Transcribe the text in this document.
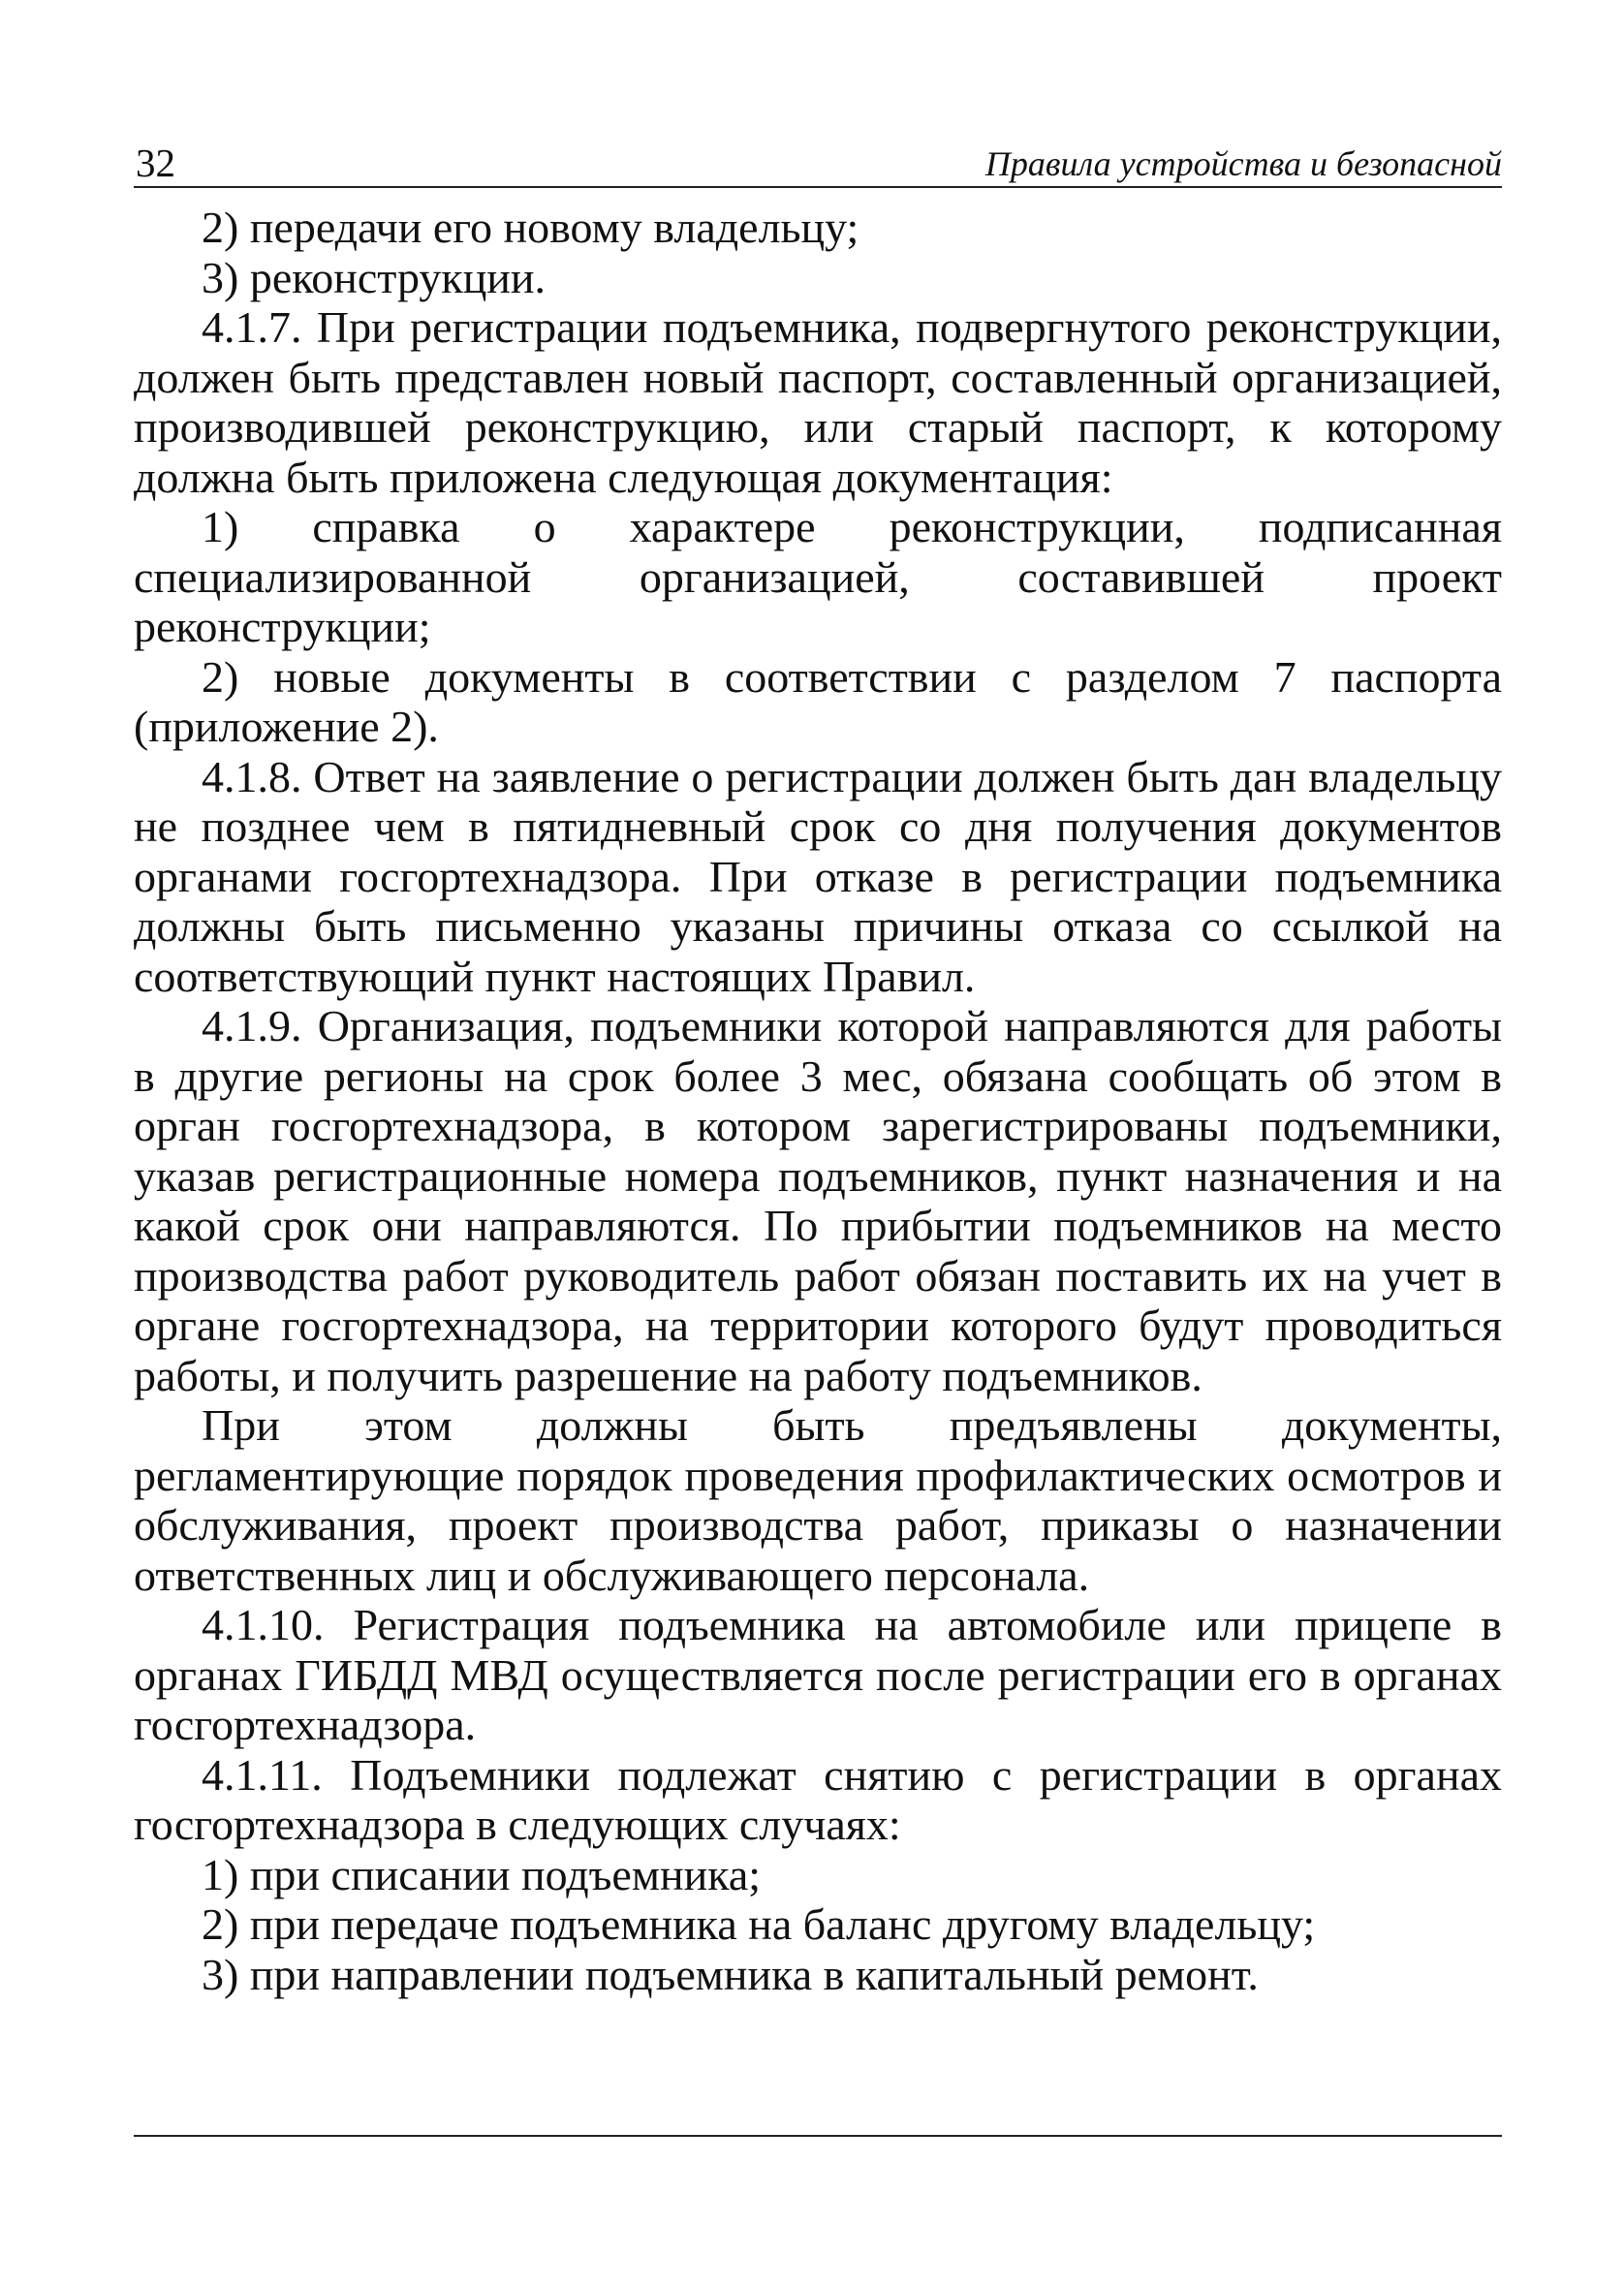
32	Правила устройства и безопасной

2) передачи его новому владельцу;

3) реконструкции.

4.1.7. При регистрации подъемника, подвергнутого реконструкции, должен быть представлен новый паспорт, составленный организацией, производившей реконструкцию, или старый паспорт, к которому должна быть приложена следующая документация:

1) справка о характере реконструкции, подписанная специализированной организацией, составившей проект реконструкции;

2) новые документы в соответствии с разделом 7 паспорта (приложение 2).

4.1.8. Ответ на заявление о регистрации должен быть дан владельцу не позднее чем в пятидневный срок со дня получения документов органами госгортехнадзора. При отказе в регистрации подъемника должны быть письменно указаны причины отказа со ссылкой на соответствующий пункт настоящих Правил.

4.1.9. Организация, подъемники которой направляются для работы в другие регионы на срок более 3 мес, обязана сообщать об этом в орган госгортехнадзора, в котором зарегистрированы подъемники, указав регистрационные номера подъемников, пункт назначения и на какой срок они направляются. По прибытии подъемников на место производства работ руководитель работ обязан поставить их на учет в органе госгортехнадзора, на территории которого будут проводиться работы, и получить разрешение на работу подъемников.

При этом должны быть предъявлены документы, регламентирующие порядок проведения профилактических осмотров и обслуживания, проект производства работ, приказы о назначении ответственных лиц и обслуживающего персонала.

4.1.10. Регистрация подъемника на автомобиле или прицепе в органах ГИБДД МВД осуществляется после регистрации его в органах госгортехнадзора.

4.1.11. Подъемники подлежат снятию с регистрации в органах госгортехнадзора в следующих случаях:

1) при списании подъемника;

2) при передаче подъемника на баланс другому владельцу;

3) при направлении подъемника в капитальный ремонт.
